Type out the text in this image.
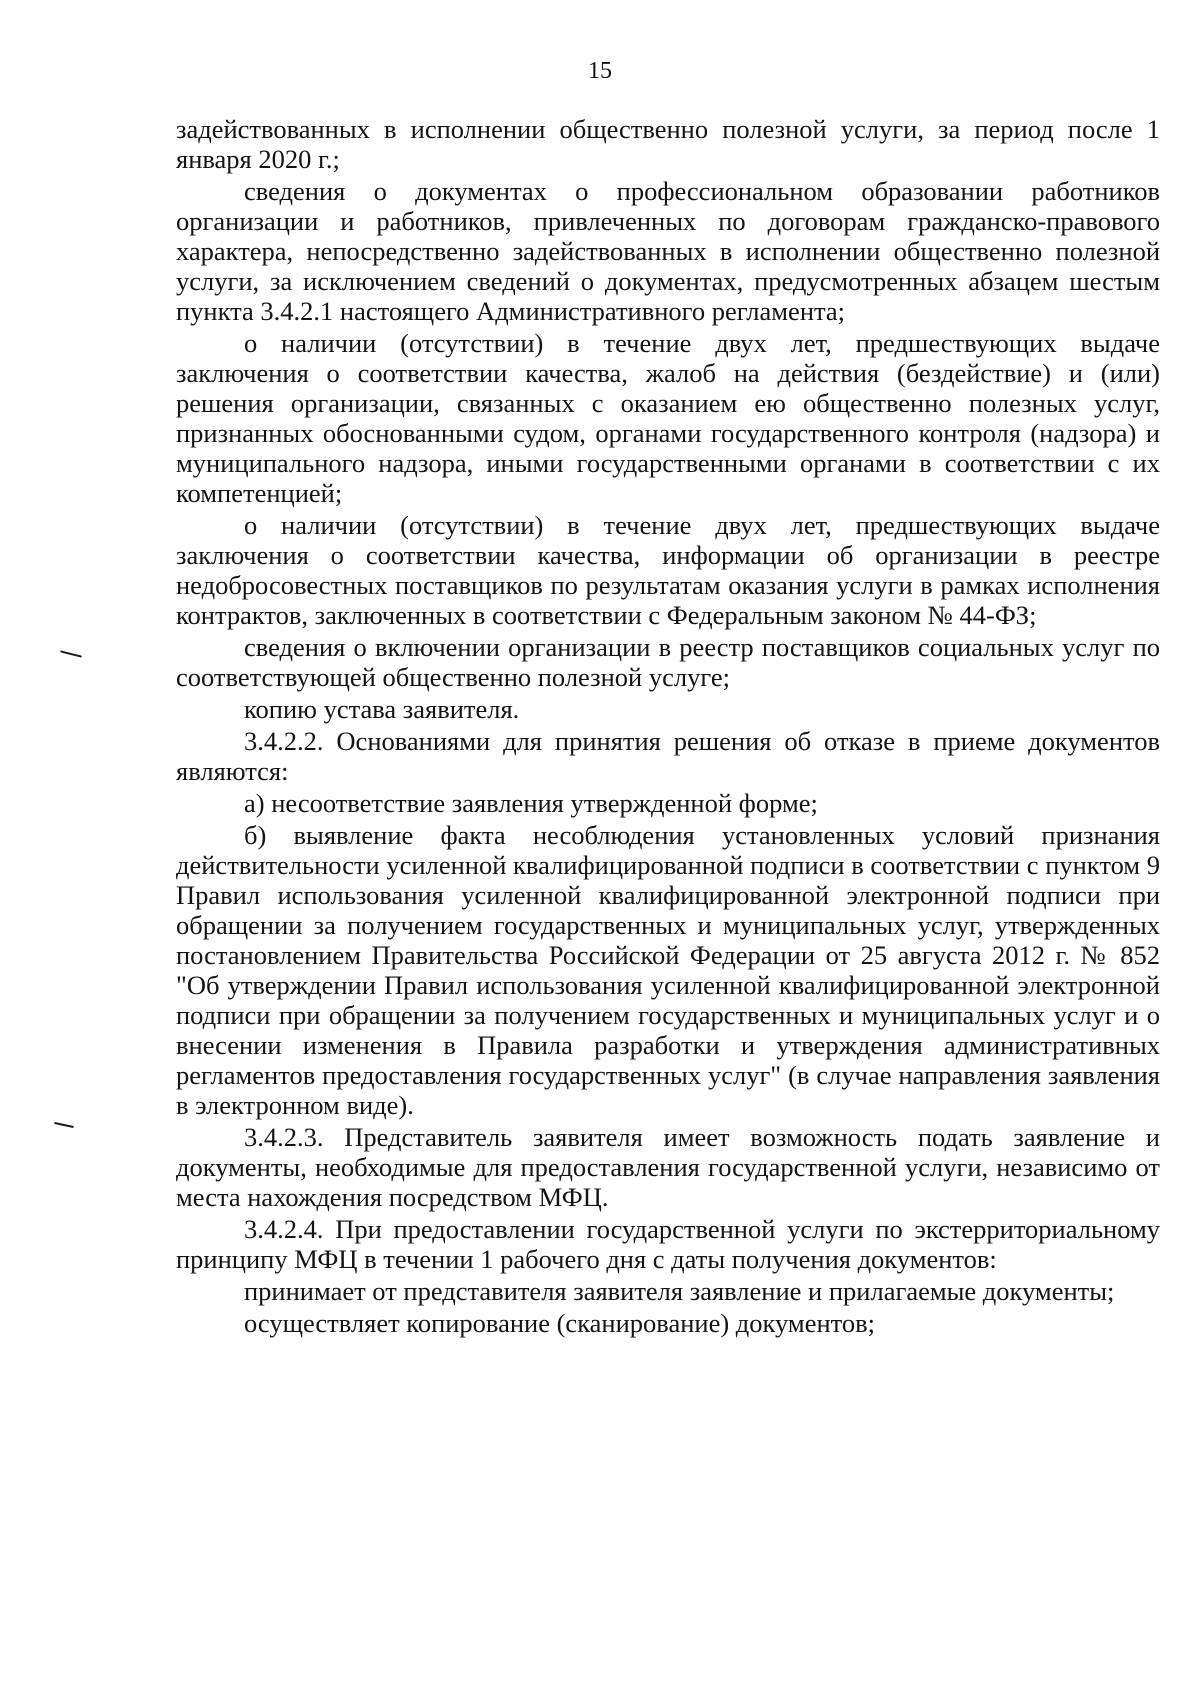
15

задействованных в исполнении общественно полезной услуги, за период после 1 января 2020 г.;

сведения о документах о профессиональном образовании работников организации и работников, привлеченных по договорам гражданско-правового характера, непосредственно задействованных в исполнении общественно полезной услуги, за исключением сведений о документах, предусмотренных абзацем шестым пункта 3.4.2.1 настоящего Административного регламента;

о наличии (отсутствии) в течение двух лет, предшествующих выдаче заключения о соответствии качества, жалоб на действия (бездействие) и (или) решения организации, связанных с оказанием ею общественно полезных услуг, признанных обоснованными судом, органами государственного контроля (надзора) и муниципального надзора, иными государственными органами в соответствии с их компетенцией;

о наличии (отсутствии) в течение двух лет, предшествующих выдаче заключения о соответствии качества, информации об организации в реестре недобросовестных поставщиков по результатам оказания услуги в рамках исполнения контрактов, заключенных в соответствии с Федеральным законом № 44-ФЗ;

сведения о включении организации в реестр поставщиков социальных услуг по соответствующей общественно полезной услуге;

копию устава заявителя.

3.4.2.2. Основаниями для принятия решения об отказе в приеме документов являются:

а) несоответствие заявления утвержденной форме;

б) выявление факта несоблюдения установленных условий признания действительности усиленной квалифицированной подписи в соответствии с пунктом 9 Правил использования усиленной квалифицированной электронной подписи при обращении за получением государственных и муниципальных услуг, утвержденных постановлением Правительства Российской Федерации от 25 августа 2012 г. № 852 "Об утверждении Правил использования усиленной квалифицированной электронной подписи при обращении за получением государственных и муниципальных услуг и о внесении изменения в Правила разработки и утверждения административных регламентов предоставления государственных услуг" (в случае направления заявления в электронном виде).

3.4.2.3. Представитель заявителя имеет возможность подать заявление и документы, необходимые для предоставления государственной услуги, независимо от места нахождения посредством МФЦ.

3.4.2.4. При предоставлении государственной услуги по экстерриториальному принципу МФЦ в течении 1 рабочего дня с даты получения документов:

принимает от представителя заявителя заявление и прилагаемые документы;

осуществляет копирование (сканирование) документов;
